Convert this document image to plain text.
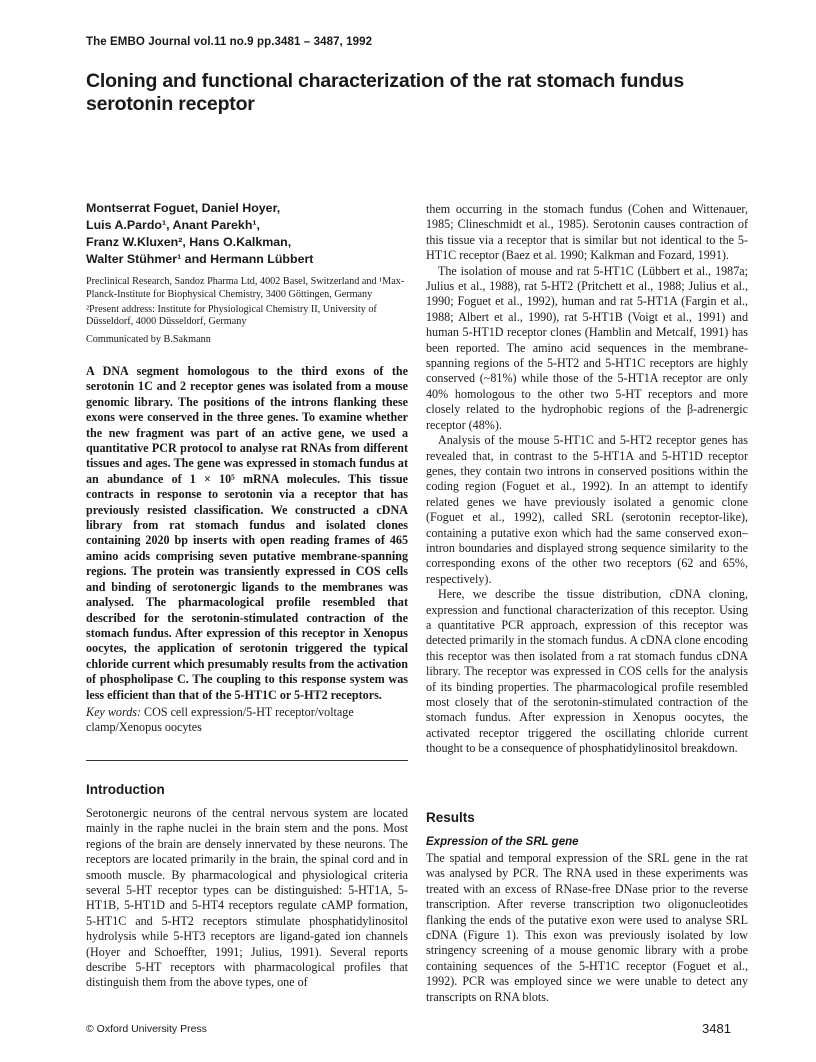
The EMBO Journal vol.11 no.9 pp.3481 – 3487, 1992
Cloning and functional characterization of the rat stomach fundus serotonin receptor
Montserrat Foguet, Daniel Hoyer,
Luis A.Pardo¹, Anant Parekh¹,
Franz W.Kluxen², Hans O.Kalkman,
Walter Stühmer¹ and Hermann Lübbert

Preclinical Research, Sandoz Pharma Ltd, 4002 Basel, Switzerland and ¹Max-Planck-Institute for Biophysical Chemistry, 3400 Göttingen, Germany

²Present address: Institute for Physiological Chemistry II, University of Düsseldorf, 4000 Düsseldorf, Germany

Communicated by B.Sakmann
A DNA segment homologous to the third exons of the serotonin 1C and 2 receptor genes was isolated from a mouse genomic library. The positions of the introns flanking these exons were conserved in the three genes. To examine whether the new fragment was part of an active gene, we used a quantitative PCR protocol to analyse rat RNAs from different tissues and ages. The gene was expressed in stomach fundus at an abundance of 1 × 10⁵ mRNA molecules. This tissue contracts in response to serotonin via a receptor that has previously resisted classification. We constructed a cDNA library from rat stomach fundus and isolated clones containing 2020 bp inserts with open reading frames of 465 amino acids comprising seven putative membrane-spanning regions. The protein was transiently expressed in COS cells and binding of serotonergic ligands to the membranes was analysed. The pharmacological profile resembled that described for the serotonin-stimulated contraction of the stomach fundus. After expression of this receptor in Xenopus oocytes, the application of serotonin triggered the typical chloride current which presumably results from the activation of phospholipase C. The coupling to this response system was less efficient than that of the 5-HT1C or 5-HT2 receptors.
Key words: COS cell expression/5-HT receptor/voltage clamp/Xenopus oocytes
Introduction

Serotonergic neurons of the central nervous system are located mainly in the raphe nuclei in the brain stem and the pons. Most regions of the brain are densely innervated by these neurons. The receptors are located primarily in the brain, the spinal cord and in smooth muscle. By pharmacological and physiological criteria several 5-HT receptor types can be distinguished: 5-HT1A, 5-HT1B, 5-HT1D and 5-HT4 receptors regulate cAMP formation, 5-HT1C and 5-HT2 receptors stimulate phosphatidylinositol hydrolysis while 5-HT3 receptors are ligand-gated ion channels (Hoyer and Schoeffter, 1991; Julius, 1991). Several reports describe 5-HT receptors with pharmacological profiles that distinguish them from the above types, one of

them occurring in the stomach fundus (Cohen and Wittenauer, 1985; Clineschmidt et al., 1985). Serotonin causes contraction of this tissue via a receptor that is similar but not identical to the 5-HT1C receptor (Baez et al. 1990; Kalkman and Fozard, 1991).

The isolation of mouse and rat 5-HT1C (Lübbert et al., 1987a; Julius et al., 1988), rat 5-HT2 (Pritchett et al., 1988; Julius et al., 1990; Foguet et al., 1992), human and rat 5-HT1A (Fargin et al., 1988; Albert et al., 1990), rat 5-HT1B (Voigt et al., 1991) and human 5-HT1D receptor clones (Hamblin and Metcalf, 1991) has been reported. The amino acid sequences in the membrane-spanning regions of the 5-HT2 and 5-HT1C receptors are highly conserved (~81%) while those of the 5-HT1A receptor are only 40% homologous to the other two 5-HT receptors and more closely related to the hydrophobic regions of the β-adrenergic receptor (48%).

Analysis of the mouse 5-HT1C and 5-HT2 receptor genes has revealed that, in contrast to the 5-HT1A and 5-HT1D receptor genes, they contain two introns in conserved positions within the coding region (Foguet et al., 1992). In an attempt to identify related genes we have previously isolated a genomic clone (Foguet et al., 1992), called SRL (serotonin receptor-like), containing a putative exon which had the same conserved exon–intron boundaries and displayed strong sequence similarity to the corresponding exons of the other two receptors (62 and 65%, respectively).

Here, we describe the tissue distribution, cDNA cloning, expression and functional characterization of this receptor. Using a quantitative PCR approach, expression of this receptor was detected primarily in the stomach fundus. A cDNA clone encoding this receptor was then isolated from a rat stomach fundus cDNA library. The receptor was expressed in COS cells for the analysis of its binding properties. The pharmacological profile resembled most closely that of the serotonin-stimulated contraction of the stomach fundus. After expression in Xenopus oocytes, the activated receptor triggered the oscillating chloride current thought to be a consequence of phosphatidylinositol breakdown.

Results
Expression of the SRL gene

The spatial and temporal expression of the SRL gene in the rat was analysed by PCR. The RNA used in these experiments was treated with an excess of RNase-free DNase prior to the reverse transcription. After reverse transcription two oligonucleotides flanking the ends of the putative exon were used to analyse SRL cDNA (Figure 1). This exon was previously isolated by low stringency screening of a mouse genomic library with a probe containing sequences of the 5-HT1C receptor (Foguet et al., 1992). PCR was employed since we were unable to detect any transcripts on RNA blots.

© Oxford University Press	3481
